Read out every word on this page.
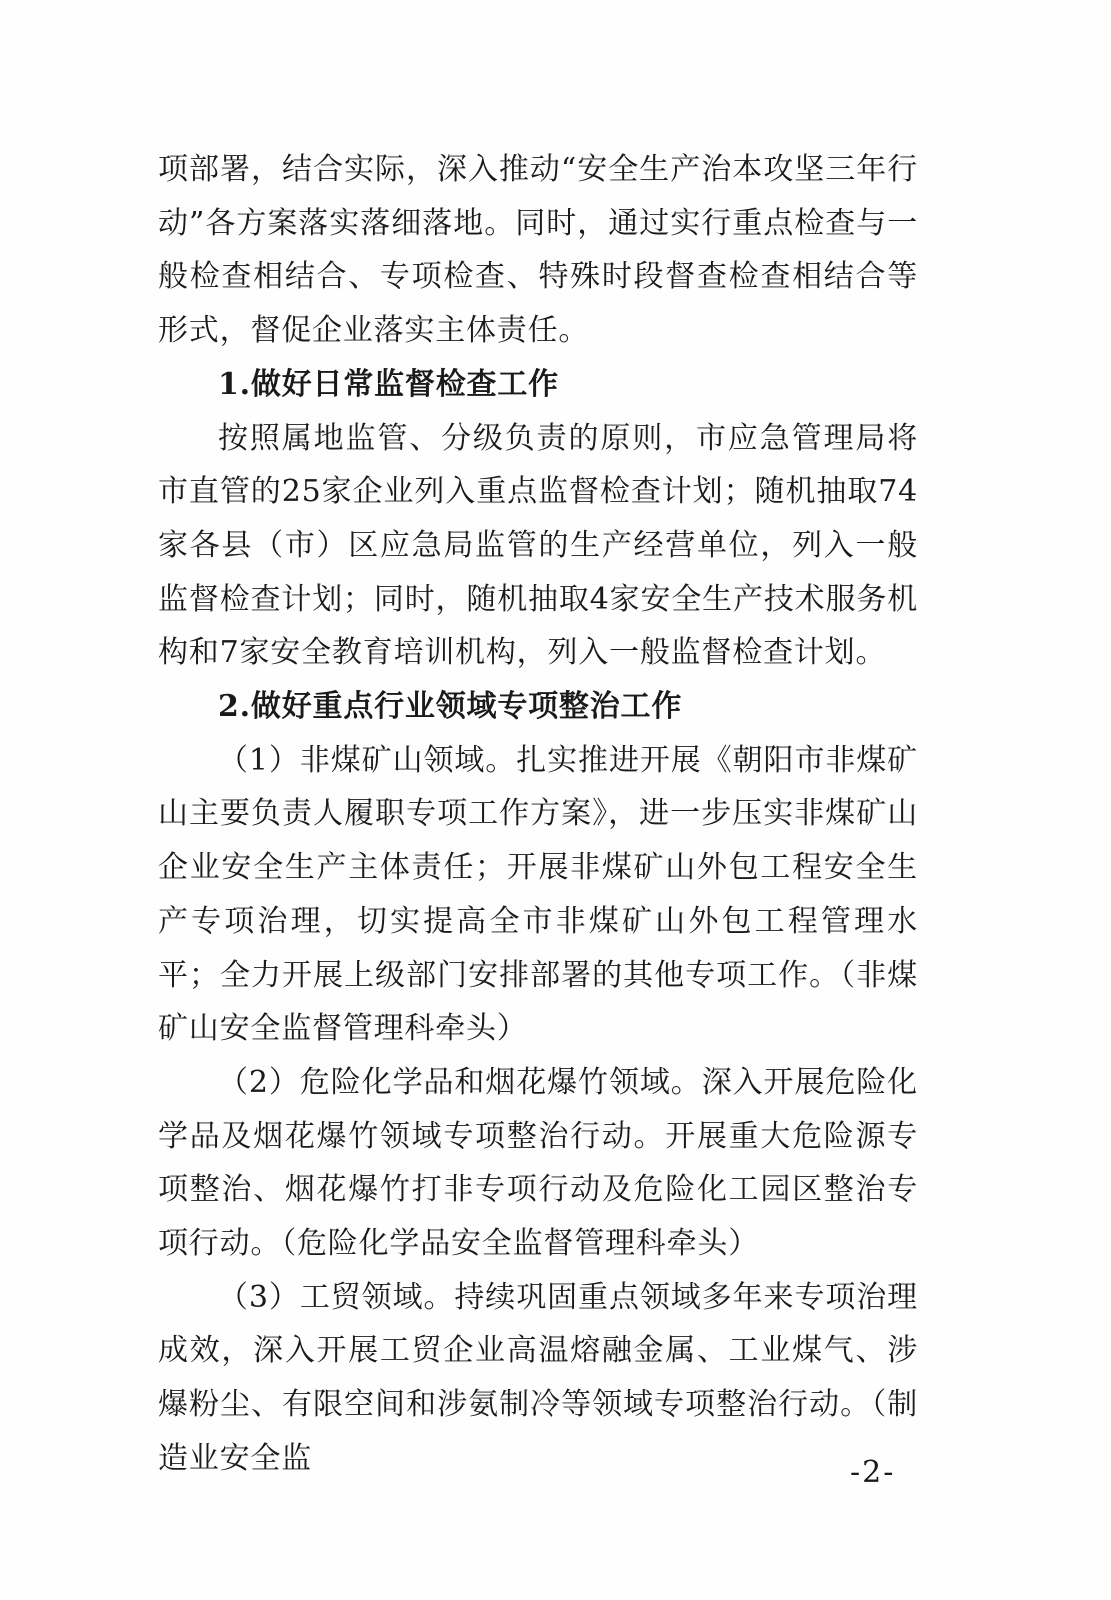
项部署，结合实际，深入推动“安全生产治本攻坚三年行动”各方案落实落细落地。同时，通过实行重点检查与一般检查相结合、专项检查、特殊时段督查检查相结合等形式，督促企业落实主体责任。

1.做好日常监督检查工作

按照属地监管、分级负责的原则，市应急管理局将市直管的25家企业列入重点监督检查计划；随机抽取74家各县（市）区应急局监管的生产经营单位，列入一般监督检查计划；同时，随机抽取4家安全生产技术服务机构和7家安全教育培训机构，列入一般监督检查计划。

2.做好重点行业领域专项整治工作

（1）非煤矿山领域。扎实推进开展《朝阳市非煤矿山主要负责人履职专项工作方案》，进一步压实非煤矿山企业安全生产主体责任；开展非煤矿山外包工程安全生产专项治理，切实提高全市非煤矿山外包工程管理水平；全力开展上级部门安排部署的其他专项工作。（非煤矿山安全监督管理科牵头）

（2）危险化学品和烟花爆竹领域。深入开展危险化学品及烟花爆竹领域专项整治行动。开展重大危险源专项整治、烟花爆竹打非专项行动及危险化工园区整治专项行动。（危险化学品安全监督管理科牵头）

（3）工贸领域。持续巩固重点领域多年来专项治理成效，深入开展工贸企业高温熔融金属、工业煤气、涉爆粉尘、有限空间和涉氨制冷等领域专项整治行动。（制造业安全监	-2-
